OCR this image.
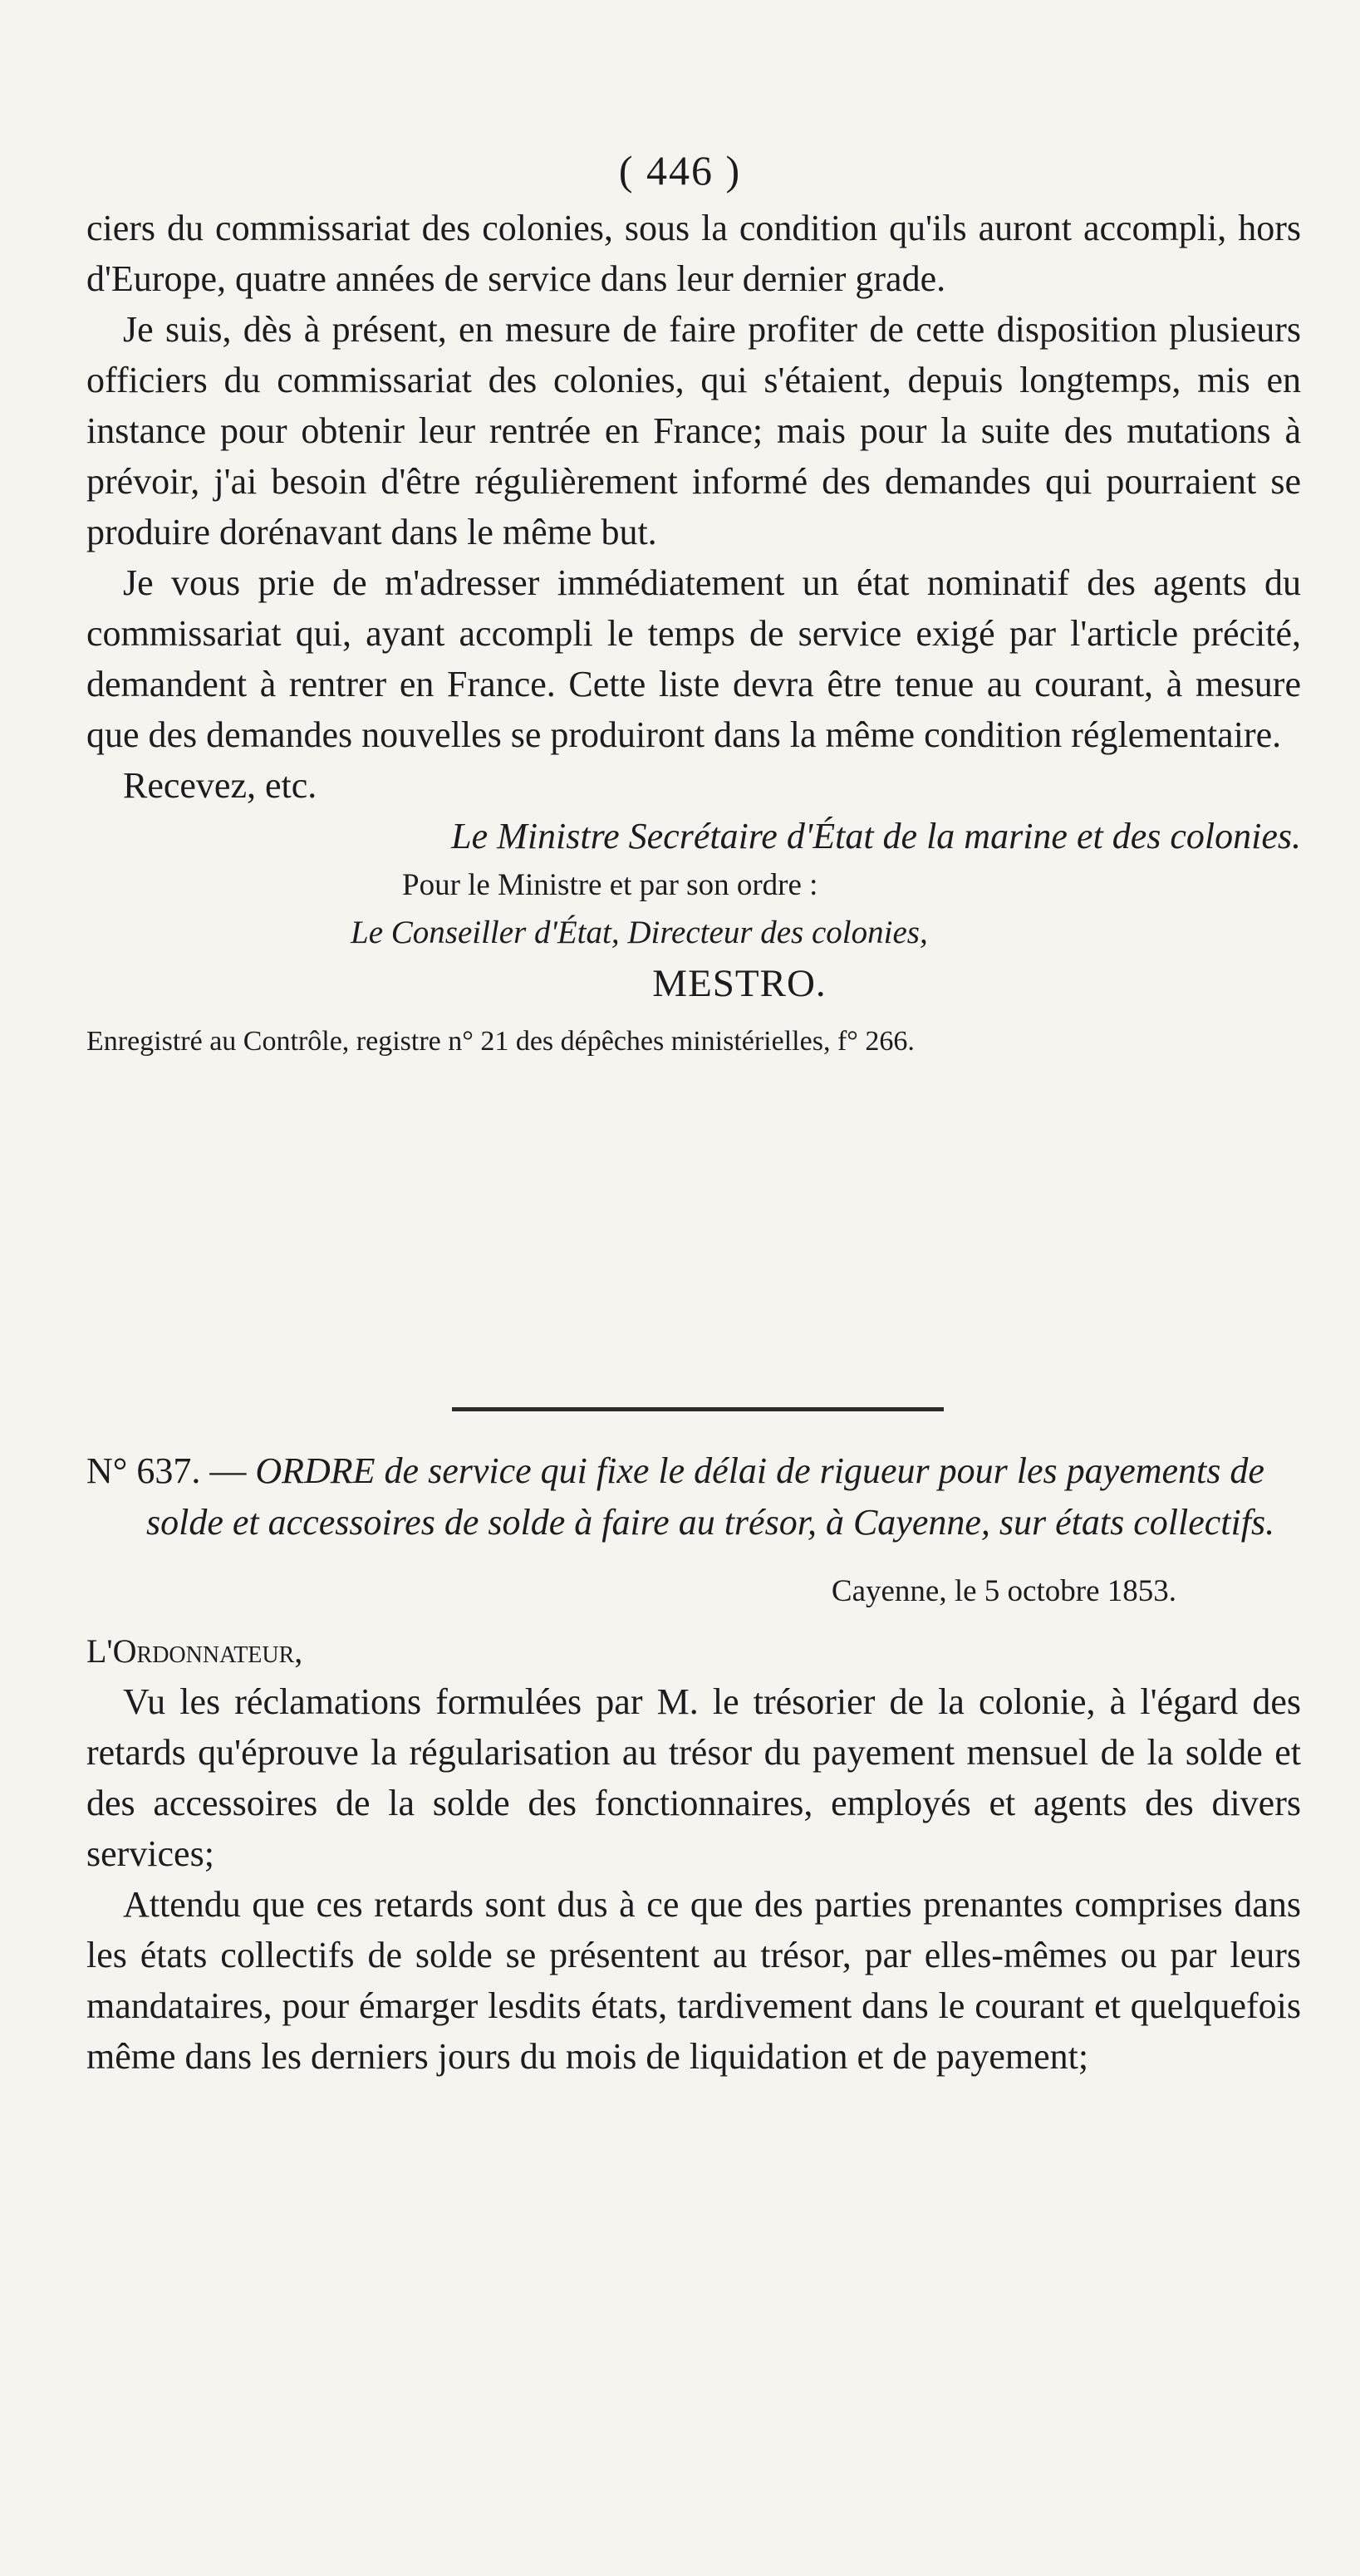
( 446 )

ciers du commissariat des colonies, sous la condition qu'ils auront accompli, hors d'Europe, quatre années de service dans leur dernier grade.

Je suis, dès à présent, en mesure de faire profiter de cette disposition plusieurs officiers du commissariat des colonies, qui s'étaient, depuis longtemps, mis en instance pour obtenir leur rentrée en France; mais pour la suite des mutations à prévoir, j'ai besoin d'être régulièrement informé des demandes qui pourraient se produire dorénavant dans le même but.

Je vous prie de m'adresser immédiatement un état nominatif des agents du commissariat qui, ayant accompli le temps de service exigé par l'article précité, demandent à rentrer en France. Cette liste devra être tenue au courant, à mesure que des demandes nouvelles se produiront dans la même condition réglementaire.

Recevez, etc.

Le Ministre Secrétaire d'État de la marine et des colonies.

Pour le Ministre et par son ordre :

Le Conseiller d'État, Directeur des colonies,

MESTRO.

Enregistré au Contrôle, registre n° 21 des dépêches ministérielles, f° 266.

N° 637. — ORDRE de service qui fixe le délai de rigueur pour les payements de solde et accessoires de solde à faire au trésor, à Cayenne, sur états collectifs.

Cayenne, le 5 octobre 1853.

L'Ordonnateur,

Vu les réclamations formulées par M. le trésorier de la colonie, à l'égard des retards qu'éprouve la régularisation au trésor du payement mensuel de la solde et des accessoires de la solde des fonctionnaires, employés et agents des divers services;

Attendu que ces retards sont dus à ce que des parties prenantes comprises dans les états collectifs de solde se présentent au trésor, par elles-mêmes ou par leurs mandataires, pour émarger lesdits états, tardivement dans le courant et quelquefois même dans les derniers jours du mois de liquidation et de payement;
